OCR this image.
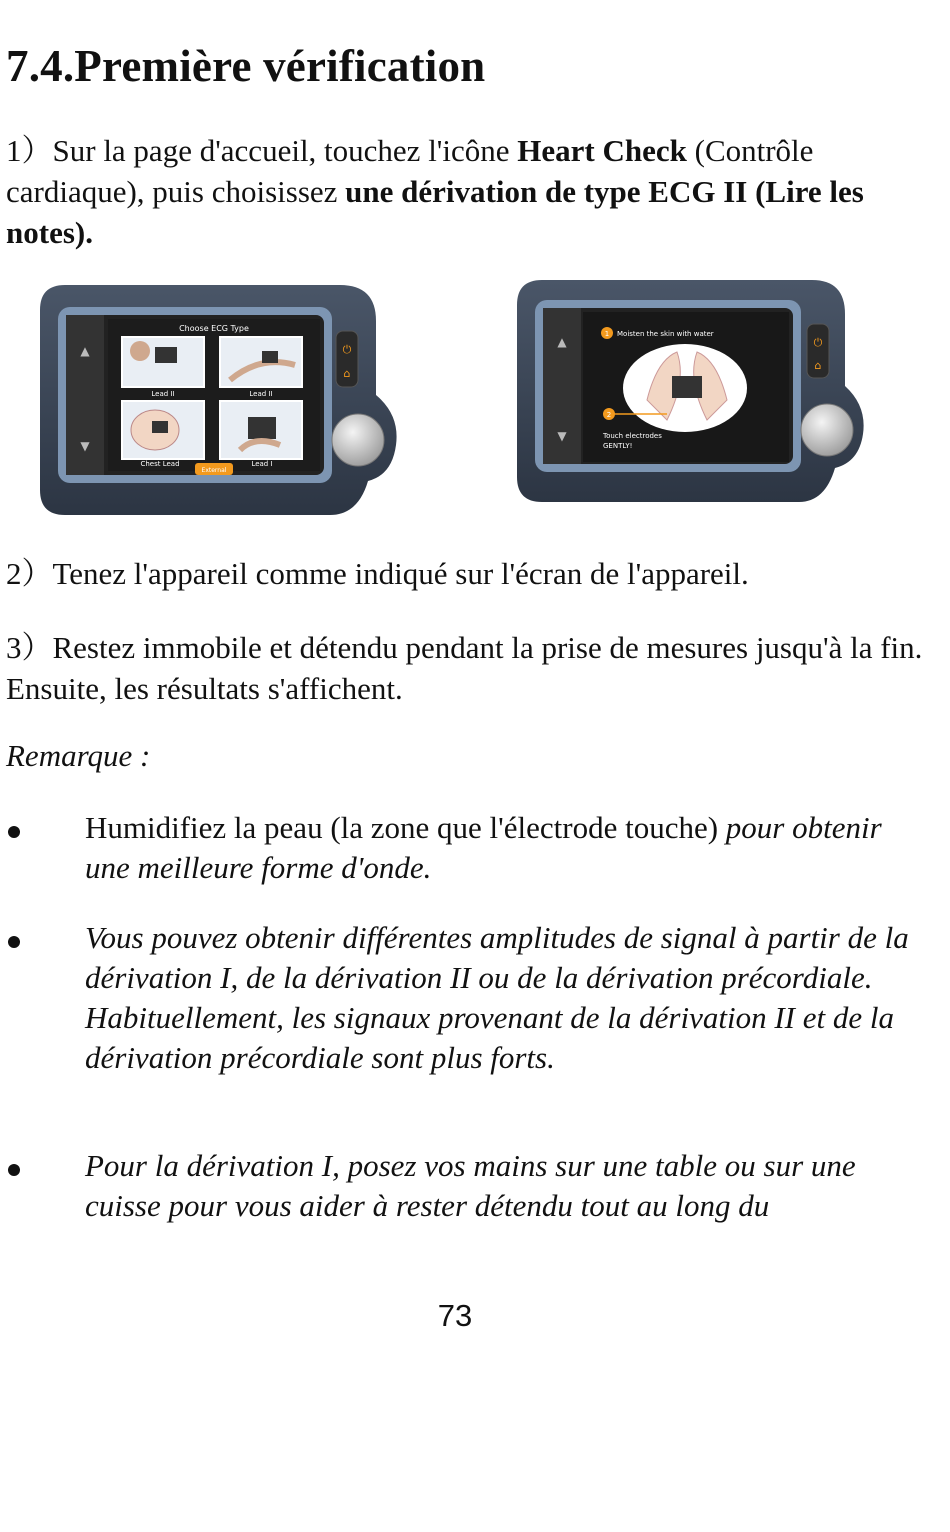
7.4.Première vérification

1）Sur la page d'accueil, touchez l'icône Heart Check (Contrôle cardiaque), puis choisissez une dérivation de type ECG II (Lire les notes).

▲
▼
Choose ECG Type
Lead II	Lead II
Chest Lead	Lead I
External
⏻
⌂
▲
▼
1 Moisten the skin with water
2
Touch electrodes
GENTLY!
⏻
⌂

2）Tenez l'appareil comme indiqué sur l'écran de l'appareil.

3）Restez immobile et détendu pendant la prise de mesures jusqu'à la fin. Ensuite, les résultats s'affichent.

Remarque :

Humidifiez la peau (la zone que l'électrode touche) pour obtenir une meilleure forme d'onde.

Vous pouvez obtenir différentes amplitudes de signal à partir de la dérivation I, de la dérivation II ou de la dérivation précordiale. Habituellement, les signaux provenant de la dérivation II et de la dérivation précordiale sont plus forts.

Pour la dérivation I, posez vos mains sur une table ou sur une cuisse pour vous aider à rester détendu tout au long du

73
